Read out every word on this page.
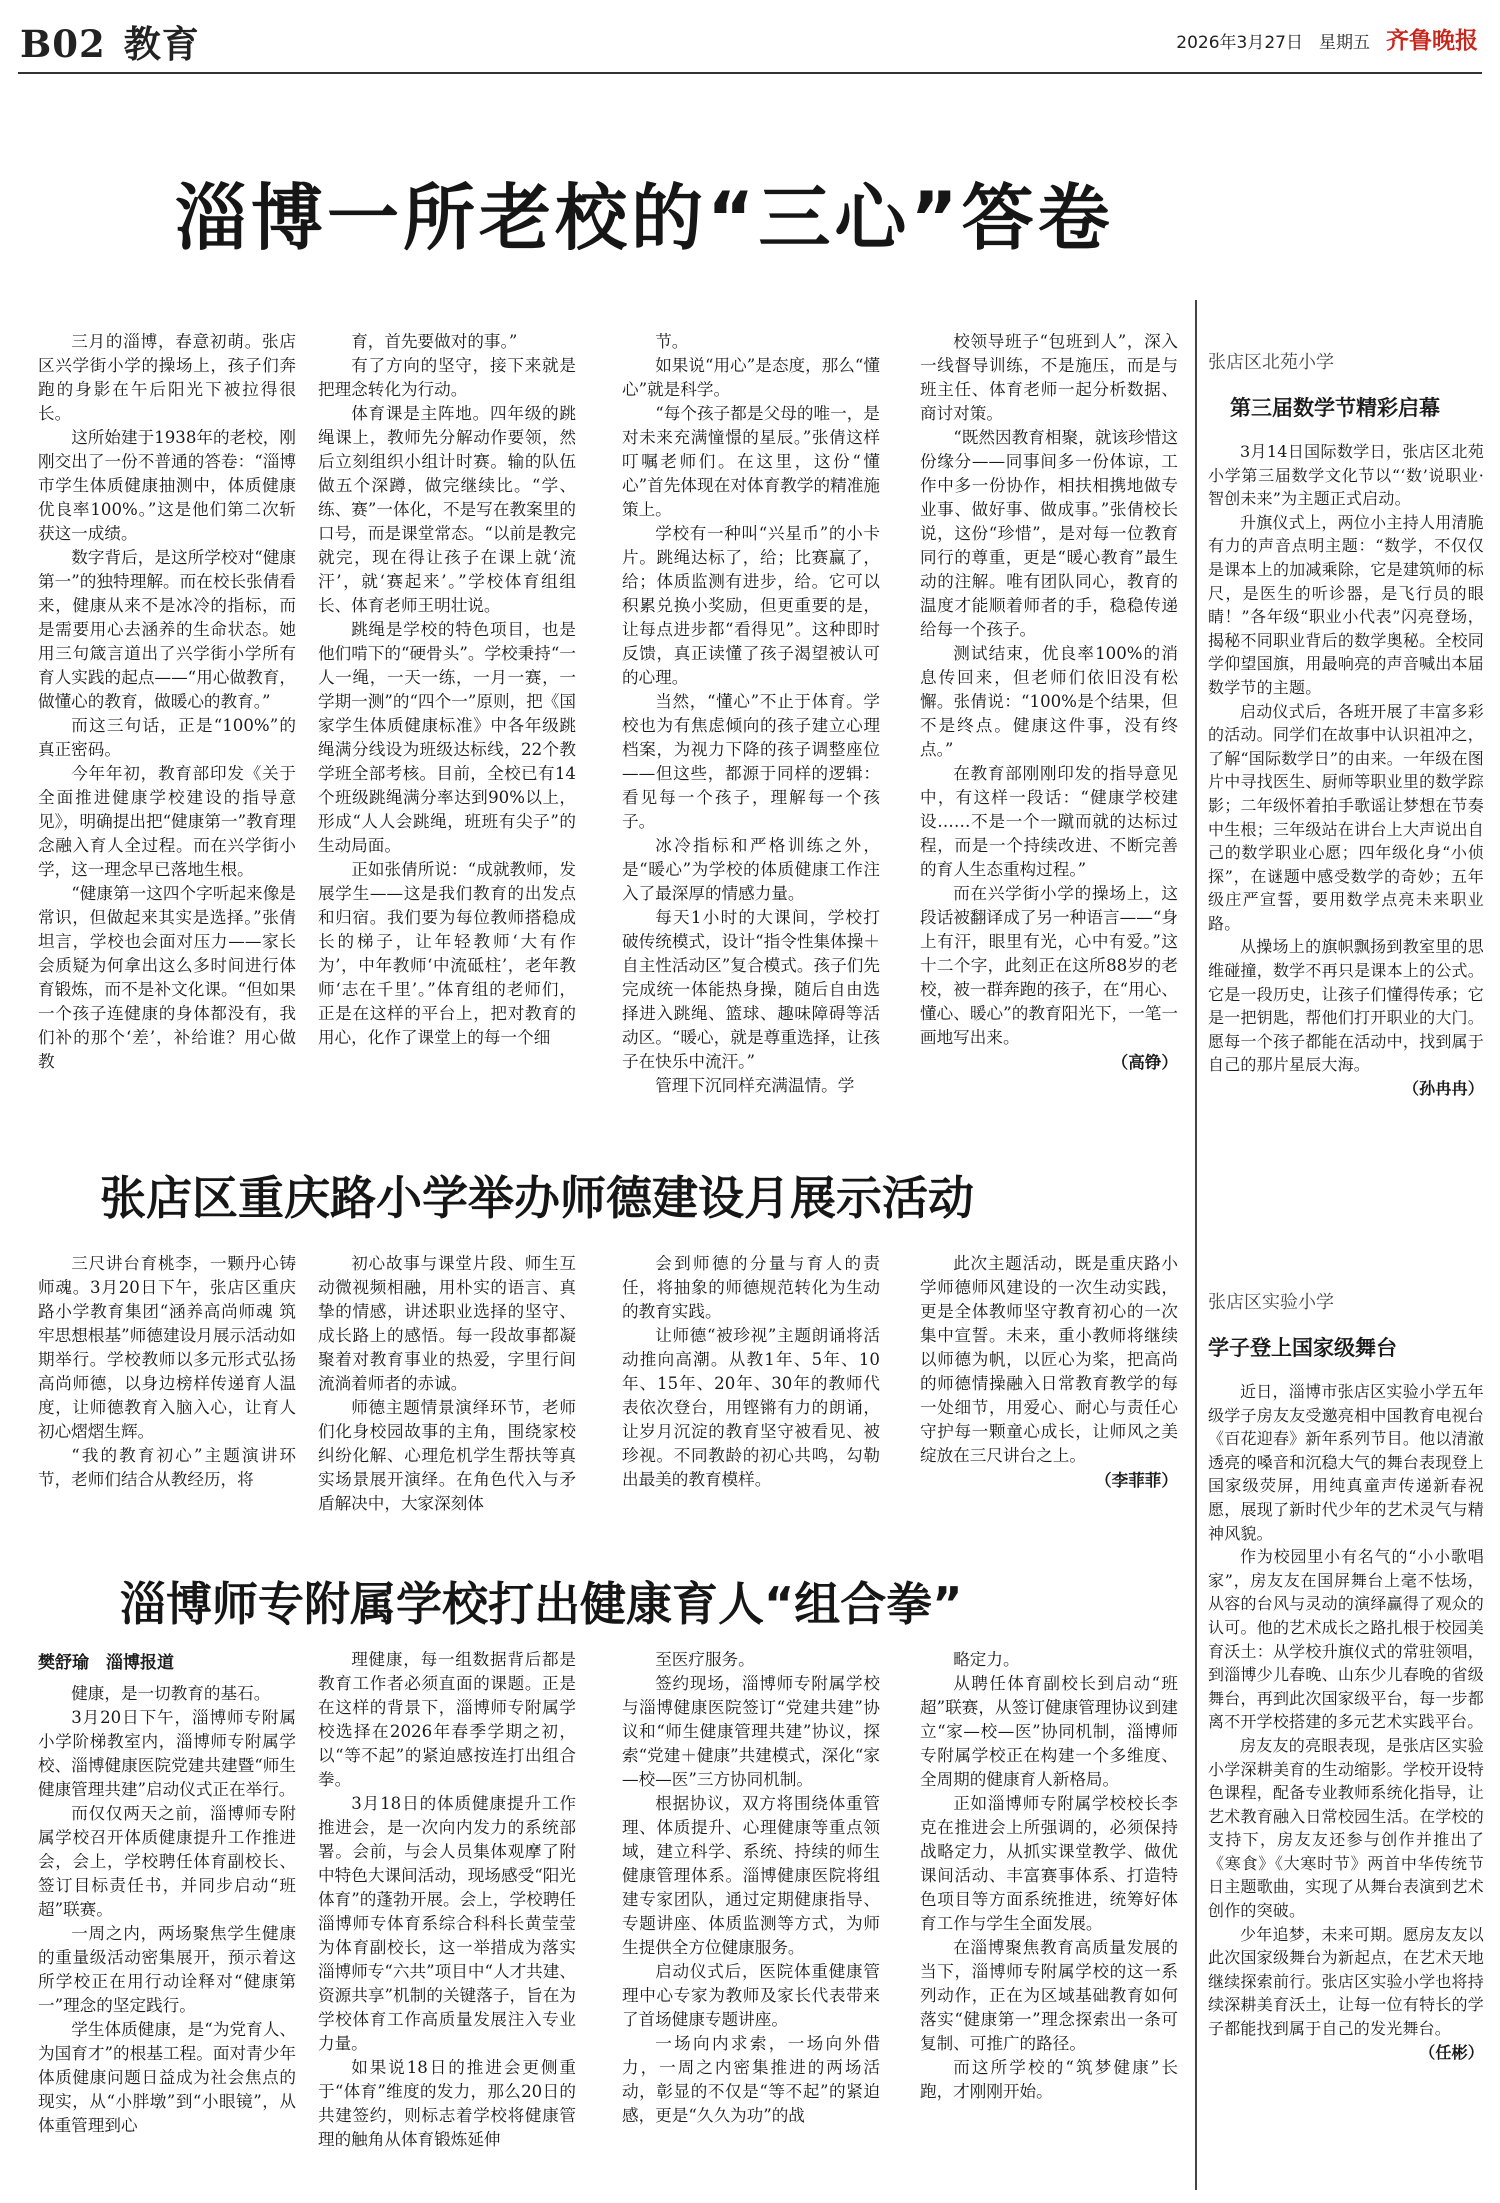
B02 教育	2026年3月27日 星期五 齐鲁晚报
淄博一所老校的“三心”答卷

三月的淄博，春意初萌。张店区兴学街小学的操场上，孩子们奔跑的身影在午后阳光下被拉得很长。

这所始建于1938年的老校，刚刚交出了一份不普通的答卷：“淄博市学生体质健康抽测中，体质健康优良率100%。”这是他们第二次斩获这一成绩。

数字背后，是这所学校对“健康第一”的独特理解。而在校长张倩看来，健康从来不是冰冷的指标，而是需要用心去涵养的生命状态。她用三句箴言道出了兴学街小学所有育人实践的起点——“用心做教育，做懂心的教育，做暖心的教育。”

而这三句话，正是“100%”的真正密码。

今年年初，教育部印发《关于全面推进健康学校建设的指导意见》，明确提出把“健康第一”教育理念融入育人全过程。而在兴学街小学，这一理念早已落地生根。

“健康第一这四个字听起来像是常识，但做起来其实是选择。”张倩坦言，学校也会面对压力——家长会质疑为何拿出这么多时间进行体育锻炼，而不是补文化课。“但如果一个孩子连健康的身体都没有，我们补的那个‘差’，补给谁？用心做教

育，首先要做对的事。”

有了方向的坚守，接下来就是把理念转化为行动。

体育课是主阵地。四年级的跳绳课上，教师先分解动作要领，然后立刻组织小组计时赛。输的队伍做五个深蹲，做完继续比。“学、练、赛”一体化，不是写在教案里的口号，而是课堂常态。“以前是教完就完，现在得让孩子在课上就‘流汗’，就‘赛起来’。”学校体育组组长、体育老师王明壮说。

跳绳是学校的特色项目，也是他们啃下的“硬骨头”。学校秉持“一人一绳，一天一练，一月一赛，一学期一测”的“四个一”原则，把《国家学生体质健康标准》中各年级跳绳满分线设为班级达标线，22个教学班全部考核。目前，全校已有14个班级跳绳满分率达到90%以上，形成“人人会跳绳，班班有尖子”的生动局面。

正如张倩所说：“成就教师，发展学生——这是我们教育的出发点和归宿。我们要为每位教师搭稳成长的梯子，让年轻教师‘大有作为’，中年教师‘中流砥柱’，老年教师‘志在千里’。”体育组的老师们，正是在这样的平台上，把对教育的用心，化作了课堂上的每一个细

节。

如果说“用心”是态度，那么“懂心”就是科学。

“每个孩子都是父母的唯一，是对未来充满憧憬的星辰。”张倩这样叮嘱老师们。在这里，这份“懂心”首先体现在对体育教学的精准施策上。

学校有一种叫“兴星币”的小卡片。跳绳达标了，给；比赛赢了，给；体质监测有进步，给。它可以积累兑换小奖励，但更重要的是，让每点进步都“看得见”。这种即时反馈，真正读懂了孩子渴望被认可的心理。

当然，“懂心”不止于体育。学校也为有焦虑倾向的孩子建立心理档案，为视力下降的孩子调整座位——但这些，都源于同样的逻辑：看见每一个孩子，理解每一个孩子。

冰冷指标和严格训练之外，是“暖心”为学校的体质健康工作注入了最深厚的情感力量。

每天1小时的大课间，学校打破传统模式，设计“指令性集体操＋自主性活动区”复合模式。孩子们先完成统一体能热身操，随后自由选择进入跳绳、篮球、趣味障碍等活动区。“暖心，就是尊重选择，让孩子在快乐中流汗。”

管理下沉同样充满温情。学

校领导班子“包班到人”，深入一线督导训练，不是施压，而是与班主任、体育老师一起分析数据、商讨对策。

“既然因教育相聚，就该珍惜这份缘分——同事间多一份体谅，工作中多一份协作，相扶相携地做专业事、做好事、做成事。”张倩校长说，这份“珍惜”，是对每一位教育同行的尊重，更是“暖心教育”最生动的注解。唯有团队同心，教育的温度才能顺着师者的手，稳稳传递给每一个孩子。

测试结束，优良率100%的消息传回来，但老师们依旧没有松懈。张倩说：“100%是个结果，但不是终点。健康这件事，没有终点。”

在教育部刚刚印发的指导意见中，有这样一段话：“健康学校建设……不是一个一蹴而就的达标过程，而是一个持续改进、不断完善的育人生态重构过程。”

而在兴学街小学的操场上，这段话被翻译成了另一种语言——“身上有汗，眼里有光，心中有爱。”这十二个字，此刻正在这所88岁的老校，被一群奔跑的孩子，在“用心、懂心、暖心”的教育阳光下，一笔一画地写出来。

（高铮）
张店区重庆路小学举办师德建设月展示活动

三尺讲台育桃李，一颗丹心铸师魂。3月20日下午，张店区重庆路小学教育集团“涵养高尚师魂 筑牢思想根基”师德建设月展示活动如期举行。学校教师以多元形式弘扬高尚师德，以身边榜样传递育人温度，让师德教育入脑入心，让育人初心熠熠生辉。

“我的教育初心”主题演讲环节，老师们结合从教经历，将

初心故事与课堂片段、师生互动微视频相融，用朴实的语言、真挚的情感，讲述职业选择的坚守、成长路上的感悟。每一段故事都凝聚着对教育事业的热爱，字里行间流淌着师者的赤诚。

师德主题情景演绎环节，老师们化身校园故事的主角，围绕家校纠纷化解、心理危机学生帮扶等真实场景展开演绎。在角色代入与矛盾解决中，大家深刻体

会到师德的分量与育人的责任，将抽象的师德规范转化为生动的教育实践。

让师德“被珍视”主题朗诵将活动推向高潮。从教1年、5年、10年、15年、20年、30年的教师代表依次登台，用铿锵有力的朗诵，让岁月沉淀的教育坚守被看见、被珍视。不同教龄的初心共鸣，勾勒出最美的教育模样。

此次主题活动，既是重庆路小学师德师风建设的一次生动实践，更是全体教师坚守教育初心的一次集中宣誓。未来，重小教师将继续以师德为帆，以匠心为桨，把高尚的师德情操融入日常教育教学的每一处细节，用爱心、耐心与责任心守护每一颗童心成长，让师风之美绽放在三尺讲台之上。

（李菲菲）
淄博师专附属学校打出健康育人“组合拳”
樊舒瑜　淄博报道

健康，是一切教育的基石。

3月20日下午，淄博师专附属小学阶梯教室内，淄博师专附属学校、淄博健康医院党建共建暨“师生健康管理共建”启动仪式正在举行。

而仅仅两天之前，淄博师专附属学校召开体质健康提升工作推进会，会上，学校聘任体育副校长、签订目标责任书，并同步启动“班超”联赛。

一周之内，两场聚焦学生健康的重量级活动密集展开，预示着这所学校正在用行动诠释对“健康第一”理念的坚定践行。

学生体质健康，是“为党育人、为国育才”的根基工程。面对青少年体质健康问题日益成为社会焦点的现实，从“小胖墩”到“小眼镜”，从体重管理到心

理健康，每一组数据背后都是教育工作者必须直面的课题。正是在这样的背景下，淄博师专附属学校选择在2026年春季学期之初，以“等不起”的紧迫感按连打出组合拳。

3月18日的体质健康提升工作推进会，是一次向内发力的系统部署。会前，与会人员集体观摩了附中特色大课间活动，现场感受“阳光体育”的蓬勃开展。会上，学校聘任淄博师专体育系综合科科长黄莹莹为体育副校长，这一举措成为落实淄博师专“六共”项目中“人才共建、资源共享”机制的关键落子，旨在为学校体育工作高质量发展注入专业力量。

如果说18日的推进会更侧重于“体育”维度的发力，那么20日的共建签约，则标志着学校将健康管理的触角从体育锻炼延伸

至医疗服务。

签约现场，淄博师专附属学校与淄博健康医院签订“党建共建”协议和“师生健康管理共建”协议，探索“党建＋健康”共建模式，深化“家—校—医”三方协同机制。

根据协议，双方将围绕体重管理、体质提升、心理健康等重点领域，建立科学、系统、持续的师生健康管理体系。淄博健康医院将组建专家团队，通过定期健康指导、专题讲座、体质监测等方式，为师生提供全方位健康服务。

启动仪式后，医院体重健康管理中心专家为教师及家长代表带来了首场健康专题讲座。

一场向内求索，一场向外借力，一周之内密集推进的两场活动，彰显的不仅是“等不起”的紧迫感，更是“久久为功”的战

略定力。

从聘任体育副校长到启动“班超”联赛，从签订健康管理协议到建立“家—校—医”协同机制，淄博师专附属学校正在构建一个多维度、全周期的健康育人新格局。

正如淄博师专附属学校校长李克在推进会上所强调的，必须保持战略定力，从抓实课堂教学、做优课间活动、丰富赛事体系、打造特色项目等方面系统推进，统筹好体育工作与学生全面发展。

在淄博聚焦教育高质量发展的当下，淄博师专附属学校的这一系列动作，正在为区域基础教育如何落实“健康第一”理念探索出一条可复制、可推广的路径。

而这所学校的“筑梦健康”长跑，才刚刚开始。

张店区北苑小学
第三届数学节精彩启幕

3月14日国际数学日，张店区北苑小学第三届数学文化节以“‘数’说职业·智创未来”为主题正式启动。

升旗仪式上，两位小主持人用清脆有力的声音点明主题：“数学，不仅仅是课本上的加减乘除，它是建筑师的标尺，是医生的听诊器，是飞行员的眼睛！”各年级“职业小代表”闪亮登场，揭秘不同职业背后的数学奥秘。全校同学仰望国旗，用最响亮的声音喊出本届数学节的主题。

启动仪式后，各班开展了丰富多彩的活动。同学们在故事中认识祖冲之，了解“国际数学日”的由来。一年级在图片中寻找医生、厨师等职业里的数学踪影；二年级怀着拍手歌谣让梦想在节奏中生根；三年级站在讲台上大声说出自己的数学职业心愿；四年级化身“小侦探”，在谜题中感受数学的奇妙；五年级庄严宣誓，要用数学点亮未来职业路。

从操场上的旗帜飘扬到教室里的思维碰撞，数学不再只是课本上的公式。它是一段历史，让孩子们懂得传承；它是一把钥匙，帮他们打开职业的大门。愿每一个孩子都能在活动中，找到属于自己的那片星辰大海。

（孙冉冉）
张店区实验小学
学子登上国家级舞台

近日，淄博市张店区实验小学五年级学子房友友受邀亮相中国教育电视台《百花迎春》新年系列节目。他以清澈透亮的嗓音和沉稳大气的舞台表现登上国家级荧屏，用纯真童声传递新春祝愿，展现了新时代少年的艺术灵气与精神风貌。

作为校园里小有名气的“小小歌唱家”，房友友在国屏舞台上毫不怯场，从容的台风与灵动的演绎赢得了观众的认可。他的艺术成长之路扎根于校园美育沃土：从学校升旗仪式的常驻领唱，到淄博少儿春晚、山东少儿春晚的省级舞台，再到此次国家级平台，每一步都离不开学校搭建的多元艺术实践平台。

房友友的亮眼表现，是张店区实验小学深耕美育的生动缩影。学校开设特色课程，配备专业教师系统化指导，让艺术教育融入日常校园生活。在学校的支持下，房友友还参与创作并推出了《寒食》《大寒时节》两首中华传统节日主题歌曲，实现了从舞台表演到艺术创作的突破。

少年追梦，未来可期。愿房友友以此次国家级舞台为新起点，在艺术天地继续探索前行。张店区实验小学也将持续深耕美育沃土，让每一位有特长的学子都能找到属于自己的发光舞台。

（任彬）
